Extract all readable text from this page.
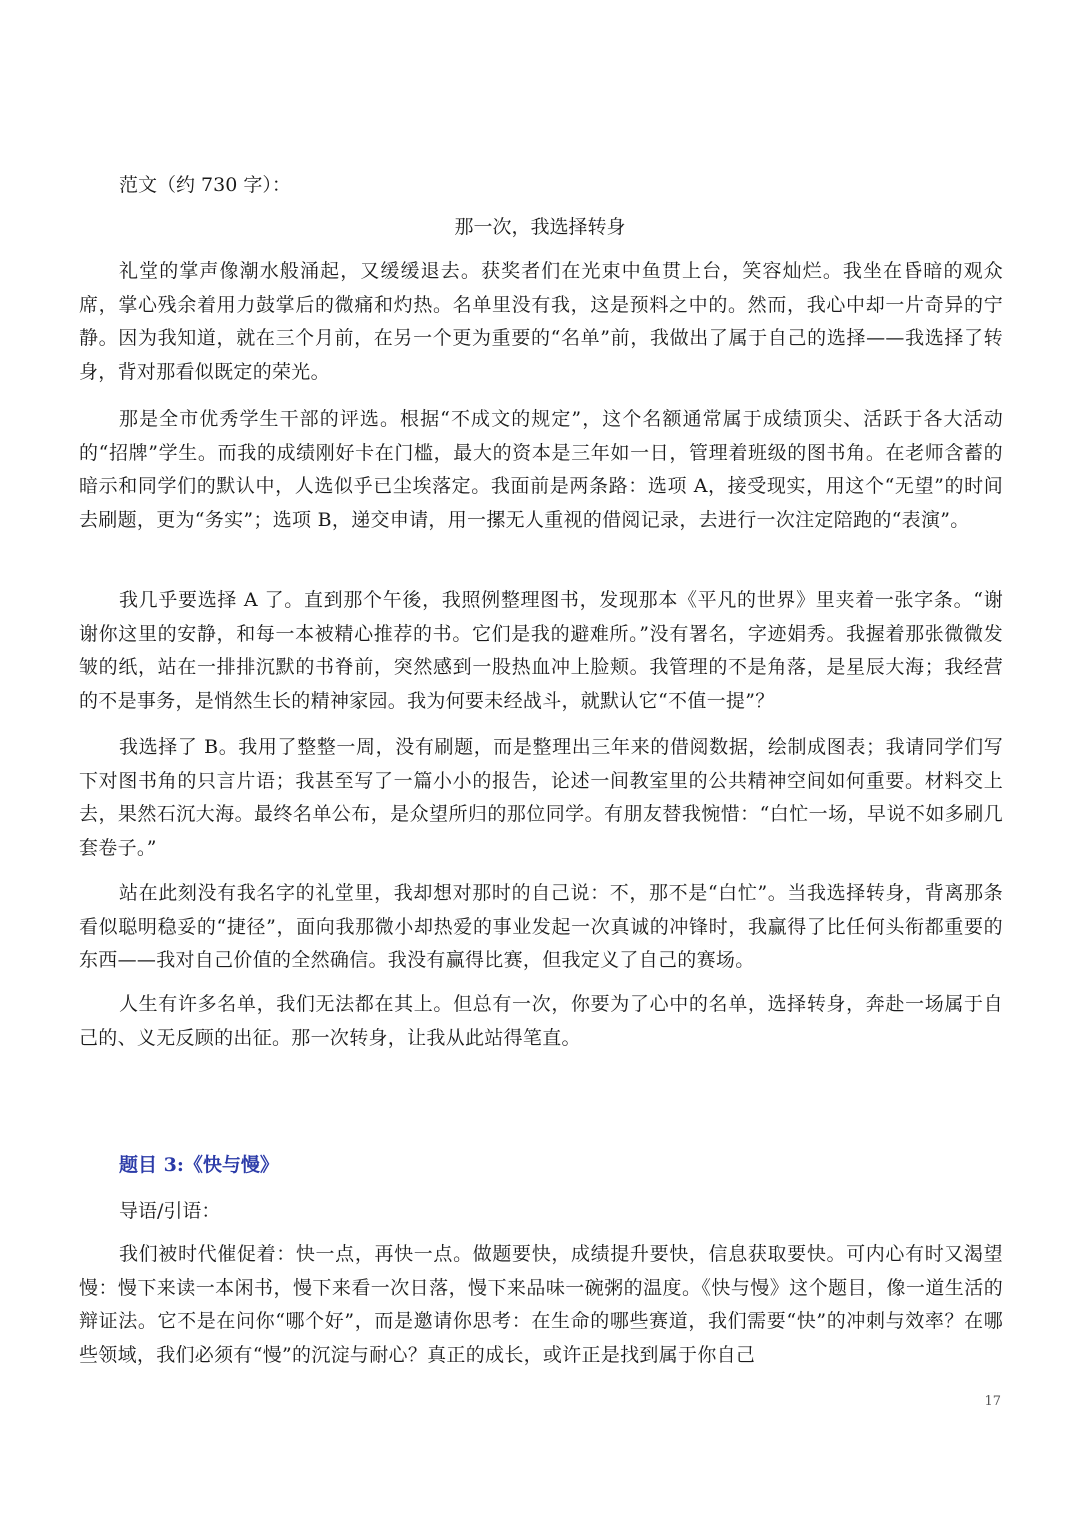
范文（约 730 字）：
那一次，我选择转身

礼堂的掌声像潮水般涌起，又缓缓退去。获奖者们在光束中鱼贯上台，笑容灿烂。我坐在昏暗的观众席，掌心残余着用力鼓掌后的微痛和灼热。名单里没有我，这是预料之中的。然而，我心中却一片奇异的宁静。因为我知道，就在三个月前，在另一个更为重要的“名单”前，我做出了属于自己的选择——我选择了转身，背对那看似既定的荣光。

那是全市优秀学生干部的评选。根据“不成文的规定”，这个名额通常属于成绩顶尖、活跃于各大活动的“招牌”学生。而我的成绩刚好卡在门槛，最大的资本是三年如一日，管理着班级的图书角。在老师含蓄的暗示和同学们的默认中，人选似乎已尘埃落定。我面前是两条路：选项 A，接受现实，用这个“无望”的时间去刷题，更为“务实”；选项 B，递交申请，用一摞无人重视的借阅记录，去进行一次注定陪跑的“表演”。

我几乎要选择 A 了。直到那个午後，我照例整理图书，发现那本《平凡的世界》里夹着一张字条。“谢谢你这里的安静，和每一本被精心推荐的书。它们是我的避难所。”没有署名，字迹娟秀。我握着那张微微发皱的纸，站在一排排沉默的书脊前，突然感到一股热血冲上脸颊。我管理的不是角落，是星辰大海；我经营的不是事务，是悄然生长的精神家园。我为何要未经战斗，就默认它“不值一提”？

我选择了 B。我用了整整一周，没有刷题，而是整理出三年来的借阅数据，绘制成图表；我请同学们写下对图书角的只言片语；我甚至写了一篇小小的报告，论述一间教室里的公共精神空间如何重要。材料交上去，果然石沉大海。最终名单公布，是众望所归的那位同学。有朋友替我惋惜：“白忙一场，早说不如多刷几套卷子。”

站在此刻没有我名字的礼堂里，我却想对那时的自己说：不，那不是“白忙”。当我选择转身，背离那条看似聪明稳妥的“捷径”，面向我那微小却热爱的事业发起一次真诚的冲锋时，我赢得了比任何头衔都重要的东西——我对自己价值的全然确信。我没有赢得比赛，但我定义了自己的赛场。

人生有许多名单，我们无法都在其上。但总有一次，你要为了心中的名单，选择转身，奔赴一场属于自己的、义无反顾的出征。那一次转身，让我从此站得笔直。

题目 3:《快与慢》
导语/引语：

我们被时代催促着：快一点，再快一点。做题要快，成绩提升要快，信息获取要快。可内心有时又渴望慢：慢下来读一本闲书，慢下来看一次日落，慢下来品味一碗粥的温度。《快与慢》这个题目，像一道生活的辩证法。它不是在问你“哪个好”，而是邀请你思考：在生命的哪些赛道，我们需要“快”的冲刺与效率？在哪些领域，我们必须有“慢”的沉淀与耐心？真正的成长，或许正是找到属于你自己

17
